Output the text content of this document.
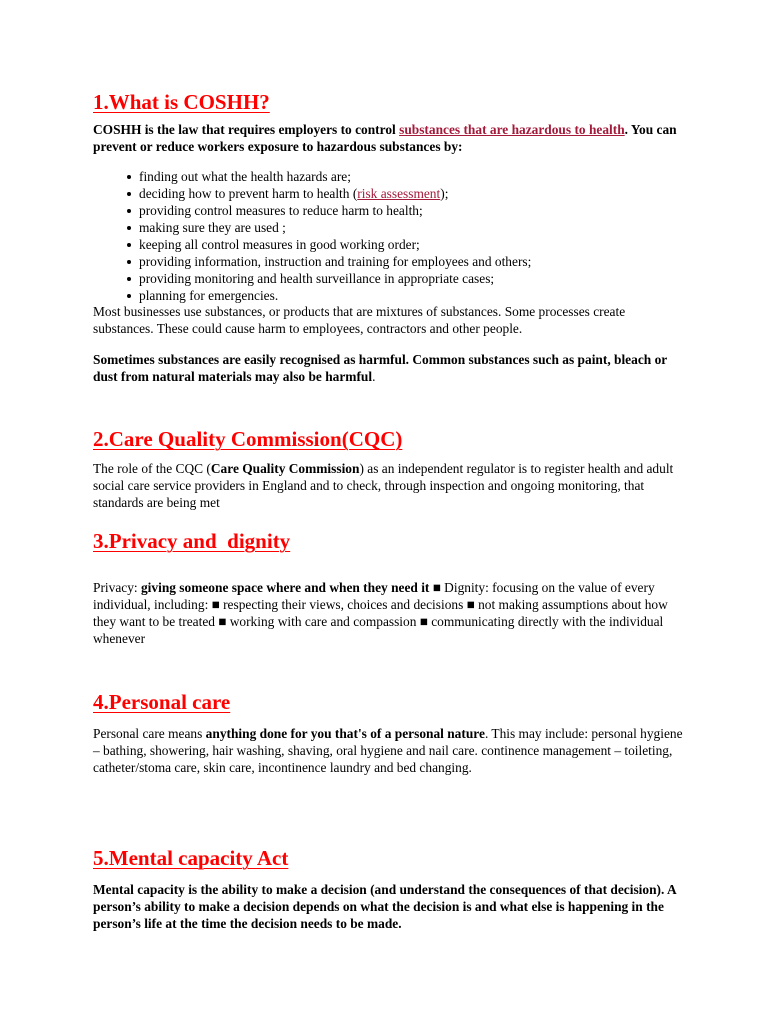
1.What is COSHH?

COSHH is the law that requires employers to control substances that are hazardous to health. You can prevent or reduce workers exposure to hazardous substances by:

finding out what the health hazards are;
deciding how to prevent harm to health (risk assessment);
providing control measures to reduce harm to health;
making sure they are used ;
keeping all control measures in good working order;
providing information, instruction and training for employees and others;
providing monitoring and health surveillance in appropriate cases;
planning for emergencies.

Most businesses use substances, or products that are mixtures of substances. Some processes create substances. These could cause harm to employees, contractors and other people.

Sometimes substances are easily recognised as harmful. Common substances such as paint, bleach or dust from natural materials may also be harmful.

2.Care Quality Commission(CQC)

The role of the CQC (Care Quality Commission) as an independent regulator is to register health and adult social care service providers in England and to check, through inspection and ongoing monitoring, that standards are being met

3.Privacy and  dignity

Privacy: giving someone space where and when they need it ■ Dignity: focusing on the value of every individual, including: ■ respecting their views, choices and decisions ■ not making assumptions about how they want to be treated ■ working with care and compassion ■ communicating directly with the individual whenever

4.Personal care

Personal care means anything done for you that's of a personal nature. This may include: personal hygiene – bathing, showering, hair washing, shaving, oral hygiene and nail care. continence management – toileting, catheter/stoma care, skin care, incontinence laundry and bed changing.

5.Mental capacity Act

Mental capacity is the ability to make a decision (and understand the consequences of that decision). A person’s ability to make a decision depends on what the decision is and what else is happening in the person’s life at the time the decision needs to be made.
